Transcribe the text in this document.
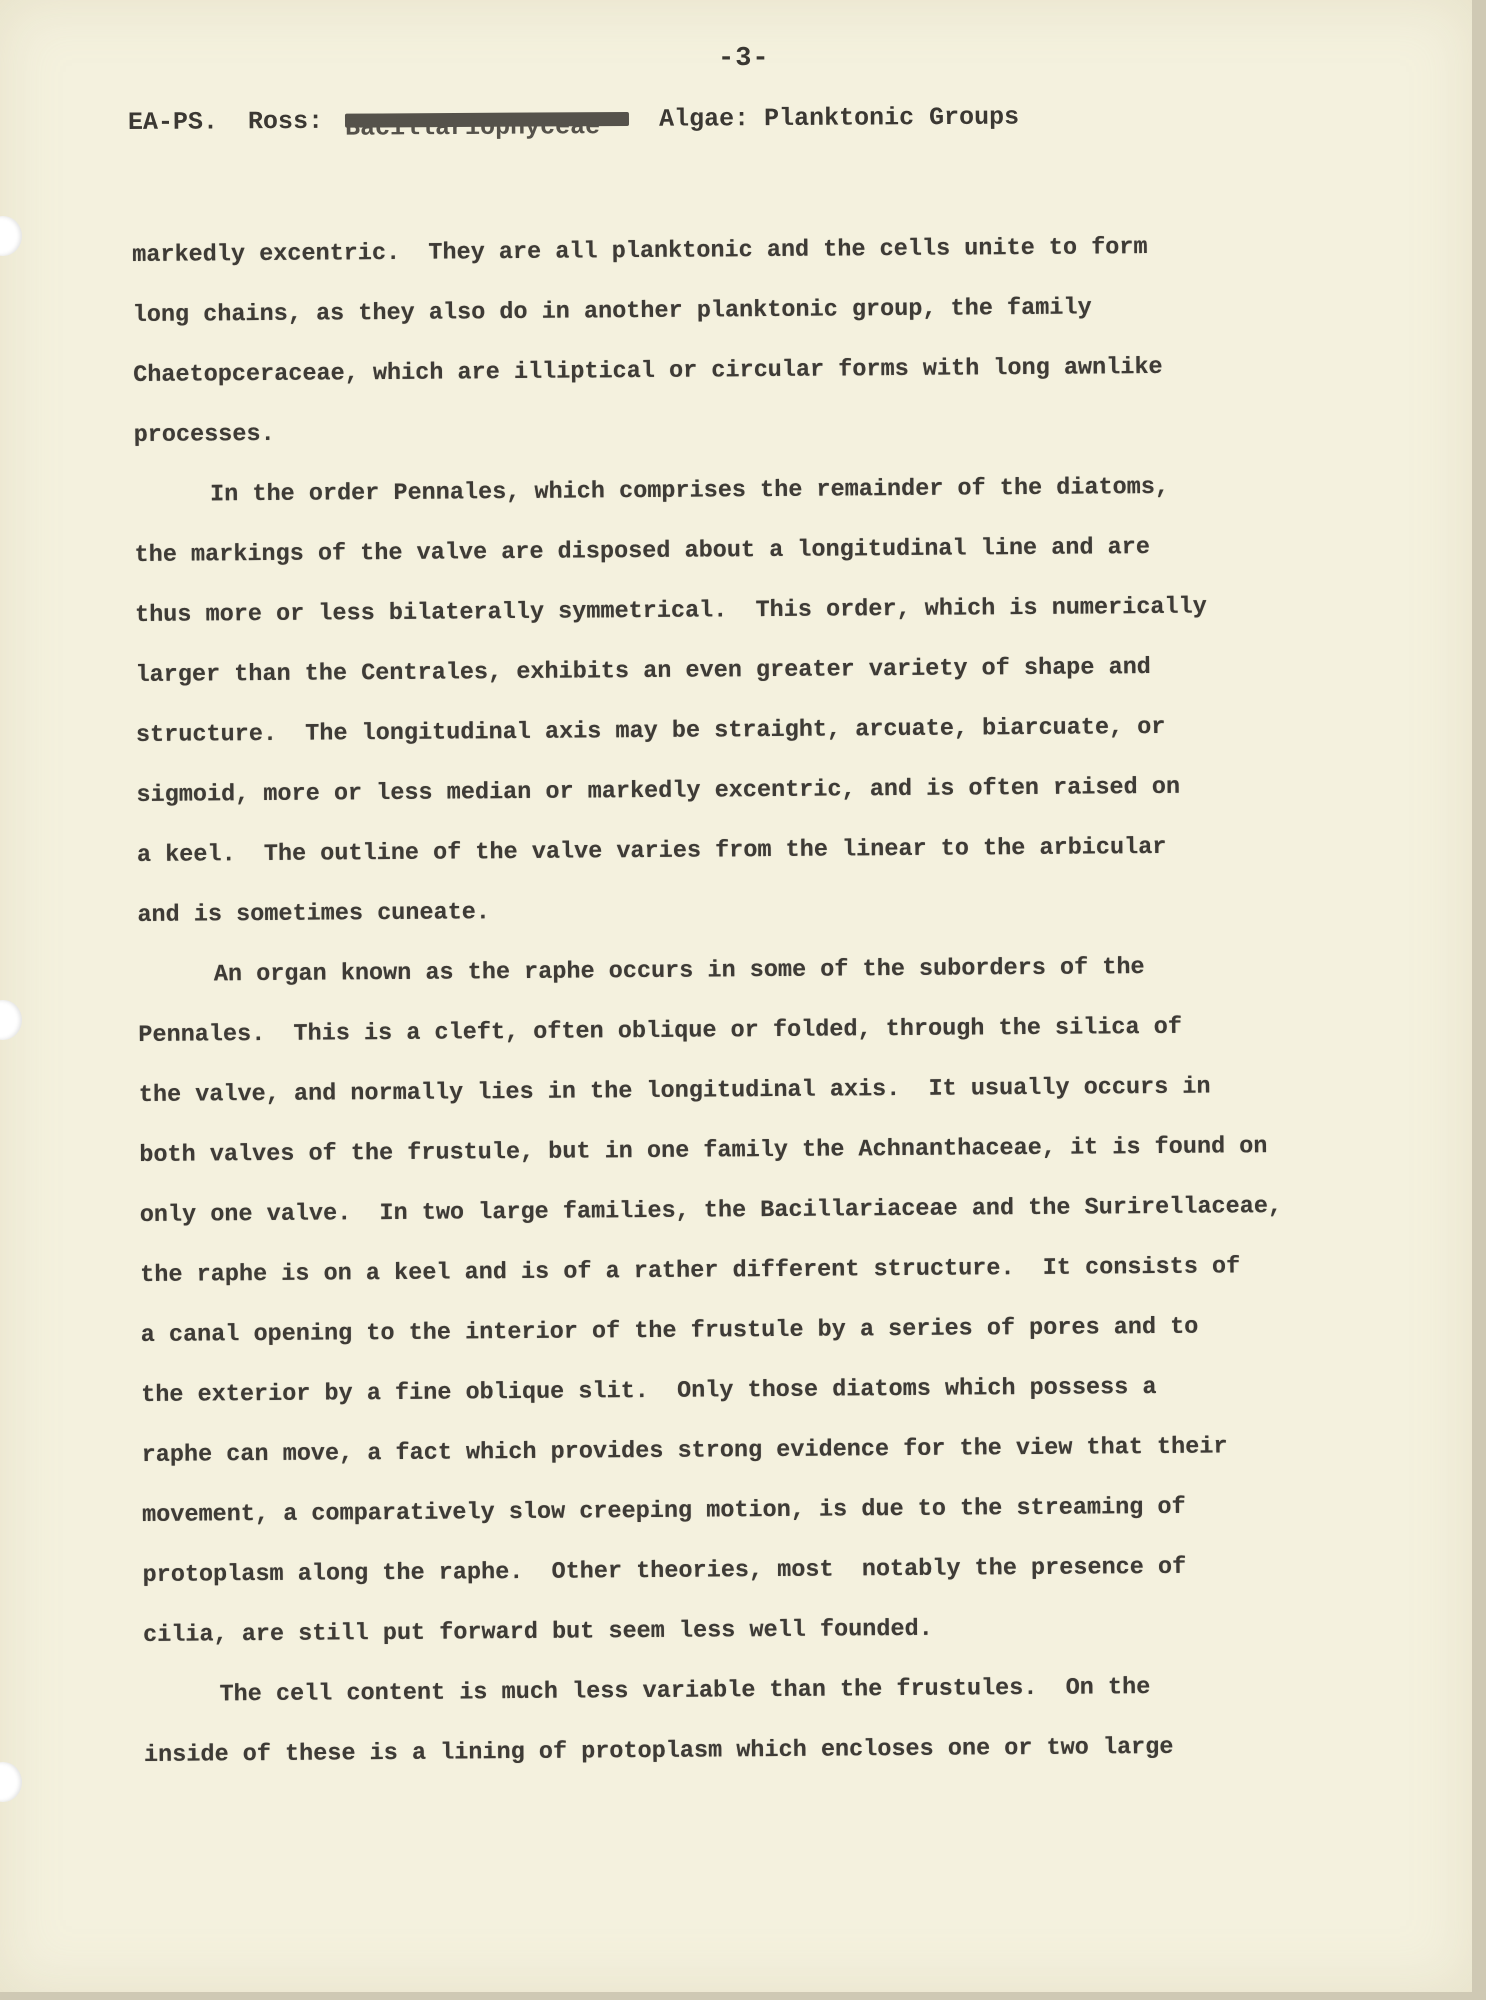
-3-
EA-PS.  Ross: Bacillariophyceae Algae: Planktonic Groups
markedly excentric.  They are all planktonic and the cells unite to form
long chains, as they also do in another planktonic group, the family
Chaetopceraceae, which are illiptical or circular forms with long awnlike
processes.
In the order Pennales, which comprises the remainder of the diatoms,
the markings of the valve are disposed about a longitudinal line and are
thus more or less bilaterally symmetrical.  This order, which is numerically
larger than the Centrales, exhibits an even greater variety of shape and
structure.  The longitudinal axis may be straight, arcuate, biarcuate, or
sigmoid, more or less median or markedly excentric, and is often raised on
a keel.  The outline of the valve varies from the linear to the arbicular
and is sometimes cuneate.
An organ known as the raphe occurs in some of the suborders of the
Pennales.  This is a cleft, often oblique or folded, through the silica of
the valve, and normally lies in the longitudinal axis.  It usually occurs in
both valves of the frustule, but in one family the Achnanthaceae, it is found on
only one valve.  In two large families, the Bacillariaceae and the Surirellaceae,
the raphe is on a keel and is of a rather different structure.  It consists of
a canal opening to the interior of the frustule by a series of pores and to
the exterior by a fine oblique slit.  Only those diatoms which possess a
raphe can move, a fact which provides strong evidence for the view that their
movement, a comparatively slow creeping motion, is due to the streaming of
protoplasm along the raphe.  Other theories, most  notably the presence of
cilia, are still put forward but seem less well founded.
The cell content is much less variable than the frustules.  On the
inside of these is a lining of protoplasm which encloses one or two large
